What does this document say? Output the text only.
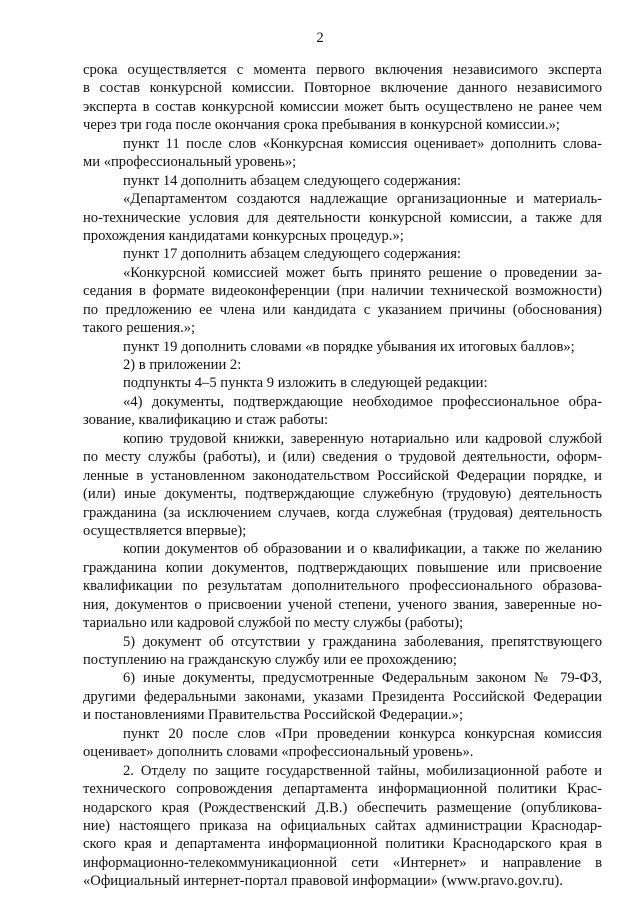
2
срока осуществляется с момента первого включения независимого эксперта
в состав конкурсной комиссии. Повторное включение данного независимого
эксперта в состав конкурсной комиссии может быть осуществлено не ранее чем
через три года после окончания срока пребывания в конкурсной комиссии.»;
пункт 11 после слов «Конкурсная комиссия оценивает» дополнить слова-
ми «профессиональный уровень»;
пункт 14 дополнить абзацем следующего содержания:
«Департаментом создаются надлежащие организационные и материаль-
но-технические условия для деятельности конкурсной комиссии, а также для
прохождения кандидатами конкурсных процедур.»;
пункт 17 дополнить абзацем следующего содержания:
«Конкурсной комиссией может быть принято решение о проведении за-
седания в формате видеоконференции (при наличии технической возможности)
по предложению ее члена или кандидата с указанием причины (обоснования)
такого решения.»;
пункт 19 дополнить словами «в порядке убывания их итоговых баллов»;
2) в приложении 2:
подпункты 4–5 пункта 9 изложить в следующей редакции:
«4) документы, подтверждающие необходимое профессиональное обра-
зование, квалификацию и стаж работы:
копию трудовой книжки, заверенную нотариально или кадровой службой
по месту службы (работы), и (или) сведения о трудовой деятельности, оформ-
ленные в установленном законодательством Российской Федерации порядке, и
(или) иные документы, подтверждающие служебную (трудовую) деятельность
гражданина (за исключением случаев, когда служебная (трудовая) деятельность
осуществляется впервые);
копии документов об образовании и о квалификации, а также по желанию
гражданина копии документов, подтверждающих повышение или присвоение
квалификации по результатам дополнительного профессионального образова-
ния, документов о присвоении ученой степени, ученого звания, заверенные но-
тариально или кадровой службой по месту службы (работы);
5) документ об отсутствии у гражданина заболевания, препятствующего
поступлению на гражданскую службу или ее прохождению;
6) иные документы, предусмотренные Федеральным законом № 79-ФЗ,
другими федеральными законами, указами Президента Российской Федерации
и постановлениями Правительства Российской Федерации.»;
пункт 20 после слов «При проведении конкурса конкурсная комиссия
оценивает» дополнить словами «профессиональный уровень».
2. Отделу по защите государственной тайны, мобилизационной работе и
технического сопровождения департамента информационной политики Крас-
нодарского края (Рождественский Д.В.) обеспечить размещение (опубликова-
ние) настоящего приказа на официальных сайтах администрации Краснодар-
ского края и департамента информационной политики Краснодарского края в
информационно-телекоммуникационной сети «Интернет» и направление в
«Официальный интернет-портал правовой информации» (www.pravo.gov.ru).
